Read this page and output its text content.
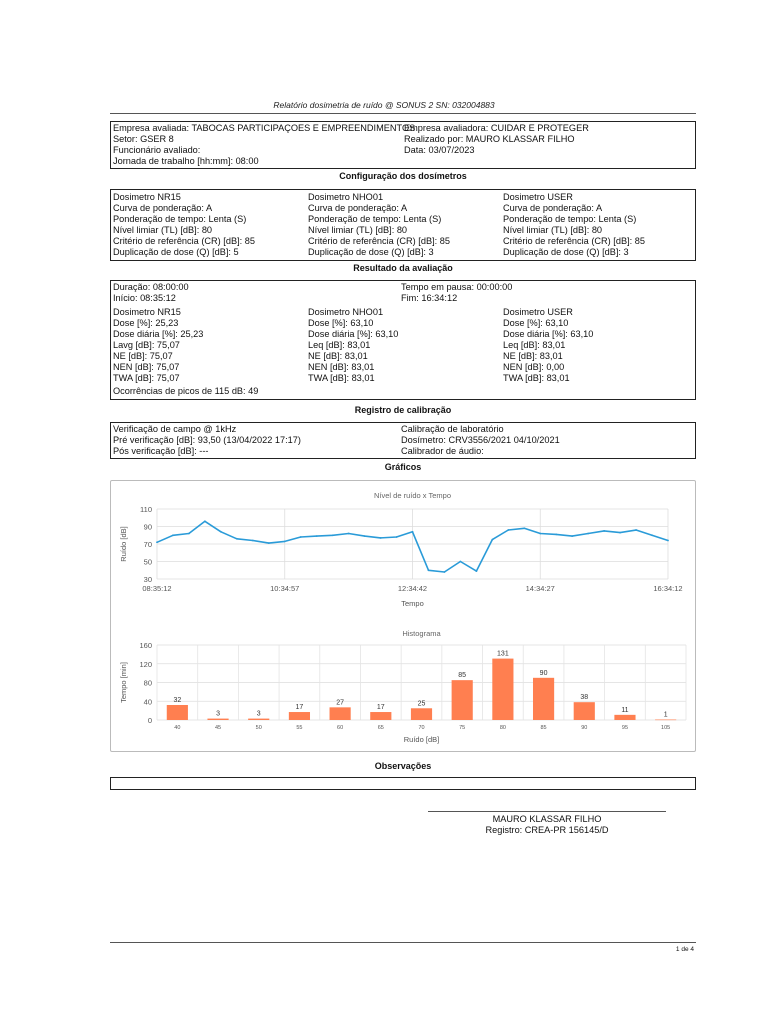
Relatório dosimetria de ruído @ SONUS 2 SN: 032004883
Empresa avaliada: TABOCAS PARTICIPAÇOES E EMPREENDIMENTOS
Setor: GSER 8
Funcionário avaliado:
Jornada de trabalho [hh:mm]: 08:00
Empresa avaliadora: CUIDAR E PROTEGER
Realizado por: MAURO KLASSAR FILHO
Data: 03/07/2023
Configuração dos dosímetros
Dosimetro NR15
Curva de ponderação: A
Ponderação de tempo: Lenta (S)
Nível limiar (TL) [dB]: 80
Critério de referência (CR) [dB]: 85
Duplicação de dose (Q) [dB]: 5
Dosimetro NHO01
Curva de ponderação: A
Ponderação de tempo: Lenta (S)
Nível limiar (TL) [dB]: 80
Critério de referência (CR) [dB]: 85
Duplicação de dose (Q) [dB]: 3
Dosimetro USER
Curva de ponderação: A
Ponderação de tempo: Lenta (S)
Nível limiar (TL) [dB]: 80
Critério de referência (CR) [dB]: 85
Duplicação de dose (Q) [dB]: 3
Resultado da avaliação
Duração: 08:00:00
Início: 08:35:12
Tempo em pausa: 00:00:00
Fim: 16:34:12
Dosimetro NR15
Dose [%]: 25,23
Dose diária [%]: 25,23
Lavg [dB]: 75,07
NE [dB]: 75,07
NEN [dB]: 75,07
TWA [dB]: 75,07
Dosimetro NHO01
Dose [%]: 63,10
Dose diária [%]: 63,10
Leq [dB]: 83,01
NE [dB]: 83,01
NEN [dB]: 83,01
TWA [dB]: 83,01
Dosimetro USER
Dose [%]: 63,10
Dose diária [%]: 63,10
Leq [dB]: 83,01
NE [dB]: 83,01
NEN [dB]: 0,00
TWA [dB]: 83,01
Ocorrências de picos de 115 dB: 49
Registro de calibração
Verificação de campo @ 1kHz
Pré verificação [dB]: 93,50 (13/04/2022 17:17)
Pós verificação [dB]: ---
Calibração de laboratório
Dosímetro: CRV3556/2021 04/10/2021
Calibrador de áudio:
Gráficos
Nível de ruído x Tempo
30
50
70
90
110
08:35:12	10:34:57	12:34:42	14:34:27	16:34:12
Tempo
Ruído [dB]
Histograma
0
40
80
120
160
32
40
3
45
3
50
17
55
27
60
17
65
25
70
85
75
131
80
90
85
38
90
11
95
1
105
Ruído [dB]
Tempo [min]
Observações
MAURO KLASSAR FILHO
Registro: CREA-PR 156145/D
1 de 4
